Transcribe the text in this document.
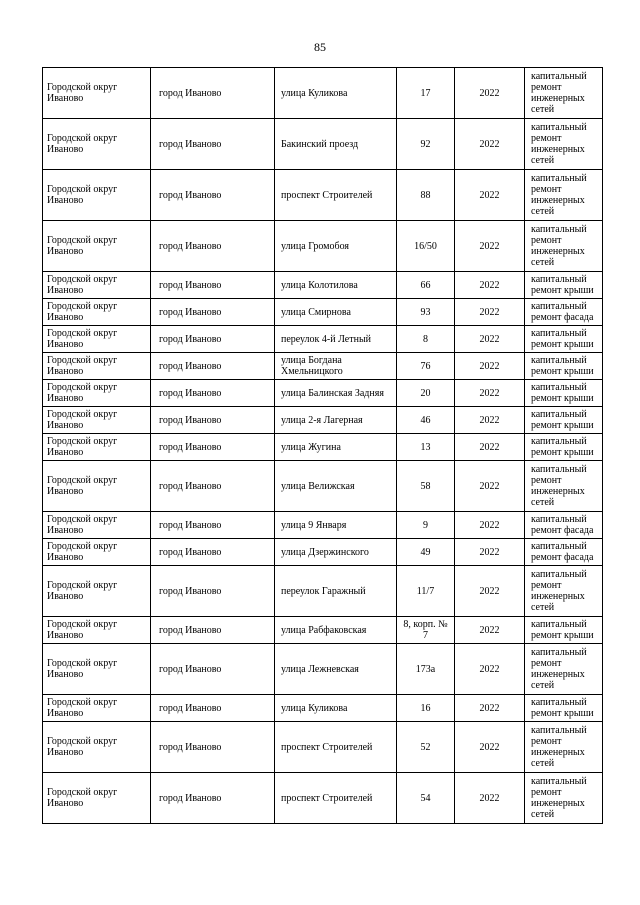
85
Городской округ Иваново	город Иваново	улица Куликова	17	2022	капитальный ремонт инженерных сетей
Городской округ Иваново	город Иваново	Бакинский проезд	92	2022	капитальный ремонт инженерных сетей
Городской округ Иваново	город Иваново	проспект Строителей	88	2022	капитальный ремонт инженерных сетей
Городской округ Иваново	город Иваново	улица Громобоя	16/50	2022	капитальный ремонт инженерных сетей
Городской округ Иваново	город Иваново	улица Колотилова	66	2022	капитальный ремонт крыши
Городской округ Иваново	город Иваново	улица Смирнова	93	2022	капитальный ремонт фасада
Городской округ Иваново	город Иваново	переулок 4-й Летный	8	2022	капитальный ремонт крыши
Городской округ Иваново	город Иваново	улица Богдана Хмельницкого	76	2022	капитальный ремонт крыши
Городской округ Иваново	город Иваново	улица Балинская Задняя	20	2022	капитальный ремонт крыши
Городской округ Иваново	город Иваново	улица 2-я Лагерная	46	2022	капитальный ремонт крыши
Городской округ Иваново	город Иваново	улица Жугина	13	2022	капитальный ремонт крыши
Городской округ Иваново	город Иваново	улица Велижская	58	2022	капитальный ремонт инженерных сетей
Городской округ Иваново	город Иваново	улица 9 Января	9	2022	капитальный ремонт фасада
Городской округ Иваново	город Иваново	улица Дзержинского	49	2022	капитальный ремонт фасада
Городской округ Иваново	город Иваново	переулок Гаражный	11/7	2022	капитальный ремонт инженерных сетей
Городской округ Иваново	город Иваново	улица Рабфаковская	8, корп. № 7	2022	капитальный ремонт крыши
Городской округ Иваново	город Иваново	улица Лежневская	173а	2022	капитальный ремонт инженерных сетей
Городской округ Иваново	город Иваново	улица Куликова	16	2022	капитальный ремонт крыши
Городской округ Иваново	город Иваново	проспект Строителей	52	2022	капитальный ремонт инженерных сетей
Городской округ Иваново	город Иваново	проспект Строителей	54	2022	капитальный ремонт инженерных сетей
